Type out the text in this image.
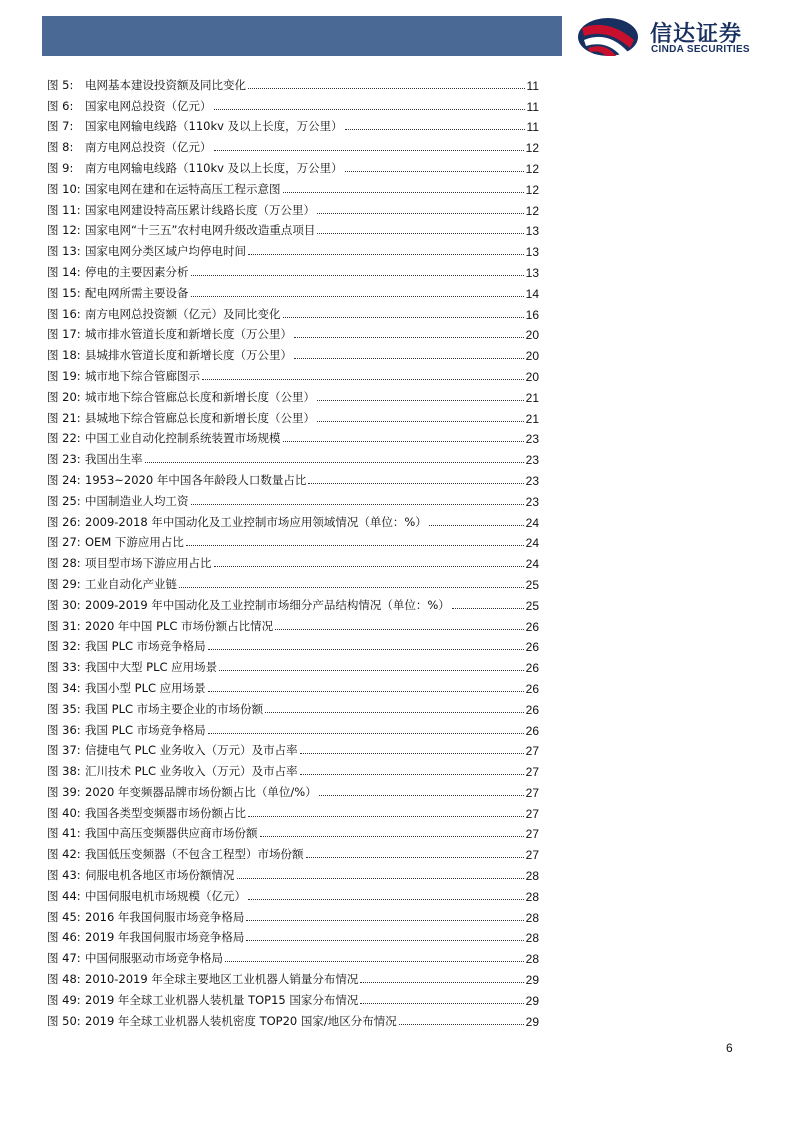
信达证券
CINDA SECURITIES
图 5:	电网基本建设投资额及同比变化	11
图 6:	国家电网总投资（亿元）	11
图 7:	国家电网输电线路（110kv 及以上长度，万公里）	11
图 8:	南方电网总投资（亿元）	12
图 9:	南方电网输电线路（110kv 及以上长度，万公里）	12
图 10: 国家电网在建和在运特高压工程示意图	12
图 11: 国家电网建设特高压累计线路长度（万公里）	12
图 12: 国家电网“十三五”农村电网升级改造重点项目	13
图 13: 国家电网分类区域户均停电时间	13
图 14: 停电的主要因素分析	13
图 15: 配电网所需主要设备	14
图 16: 南方电网总投资额（亿元）及同比变化	16
图 17: 城市排水管道长度和新增长度（万公里）	20
图 18: 县城排水管道长度和新增长度（万公里）	20
图 19: 城市地下综合管廊图示	20
图 20: 城市地下综合管廊总长度和新增长度（公里）	21
图 21: 县城地下综合管廊总长度和新增长度（公里）	21
图 22: 中国工业自动化控制系统装置市场规模	23
图 23: 我国出生率	23
图 24: 1953~2020 年中国各年龄段人口数量占比	23
图 25: 中国制造业人均工资	23
图 26: 2009-2018 年中国动化及工业控制市场应用领域情况（单位：%）	24
图 27: OEM 下游应用占比	24
图 28: 项目型市场下游应用占比	24
图 29: 工业自动化产业链	25
图 30: 2009-2019 年中国动化及工业控制市场细分产品结构情况（单位：%）	25
图 31: 2020 年中国 PLC 市场份额占比情况	26
图 32: 我国 PLC 市场竞争格局	26
图 33: 我国中大型 PLC 应用场景	26
图 34: 我国小型 PLC 应用场景	26
图 35: 我国 PLC 市场主要企业的市场份额	26
图 36: 我国 PLC 市场竞争格局	26
图 37: 信捷电气 PLC 业务收入（万元）及市占率	27
图 38: 汇川技术 PLC 业务收入（万元）及市占率	27
图 39: 2020 年变频器品牌市场份额占比（单位/%）	27
图 40: 我国各类型变频器市场份额占比	27
图 41: 我国中高压变频器供应商市场份额	27
图 42: 我国低压变频器（不包含工程型）市场份额	27
图 43: 伺服电机各地区市场份额情况	28
图 44: 中国伺服电机市场规模（亿元）	28
图 45: 2016 年我国伺服市场竞争格局	28
图 46: 2019 年我国伺服市场竞争格局	28
图 47: 中国伺服驱动市场竞争格局	28
图 48: 2010-2019 年全球主要地区工业机器人销量分布情况	29
图 49: 2019 年全球工业机器人装机量 TOP15 国家分布情况	29
图 50: 2019 年全球工业机器人装机密度 TOP20 国家/地区分布情况	29
6
